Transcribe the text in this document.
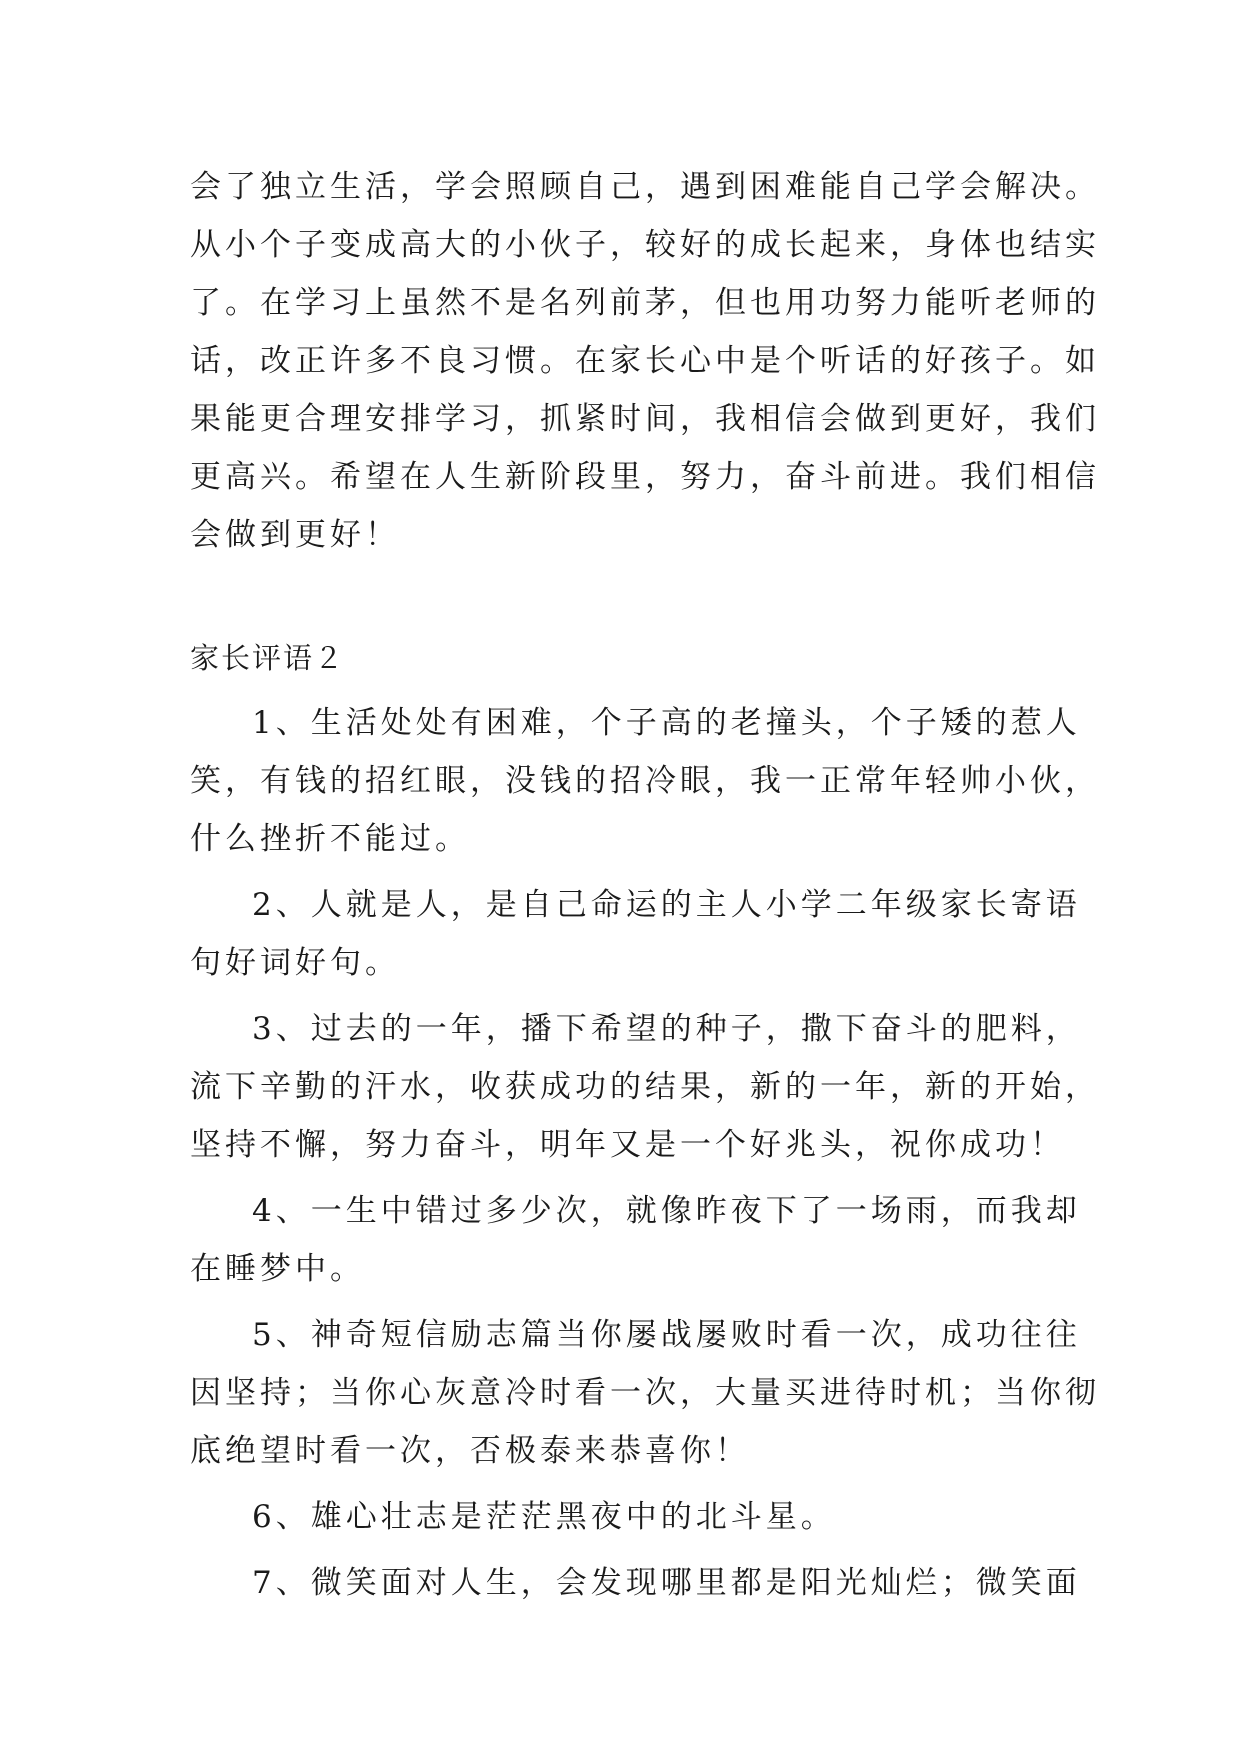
会了独立生活，学会照顾自己，遇到困难能自己学会解决。
从小个子变成高大的小伙子，较好的成长起来，身体也结实
了。在学习上虽然不是名列前茅，但也用功努力能听老师的
话，改正许多不良习惯。在家长心中是个听话的好孩子。如
果能更合理安排学习，抓紧时间，我相信会做到更好，我们
更高兴。希望在人生新阶段里，努力，奋斗前进。我们相信
会做到更好！
家长评语２
1、生活处处有困难，个子高的老撞头，个子矮的惹人
笑，有钱的招红眼，没钱的招冷眼，我一正常年轻帅小伙，
什么挫折不能过。
2、人就是人，是自己命运的主人小学二年级家长寄语
句好词好句。
3、过去的一年，播下希望的种子，撒下奋斗的肥料，
流下辛勤的汗水，收获成功的结果，新的一年，新的开始，
坚持不懈，努力奋斗，明年又是一个好兆头，祝你成功！
4、一生中错过多少次，就像昨夜下了一场雨，而我却
在睡梦中。
5、神奇短信励志篇当你屡战屡败时看一次，成功往往
因坚持；当你心灰意冷时看一次，大量买进待时机；当你彻
底绝望时看一次，否极泰来恭喜你！
6、雄心壮志是茫茫黑夜中的北斗星。
7、微笑面对人生，会发现哪里都是阳光灿烂；微笑面
